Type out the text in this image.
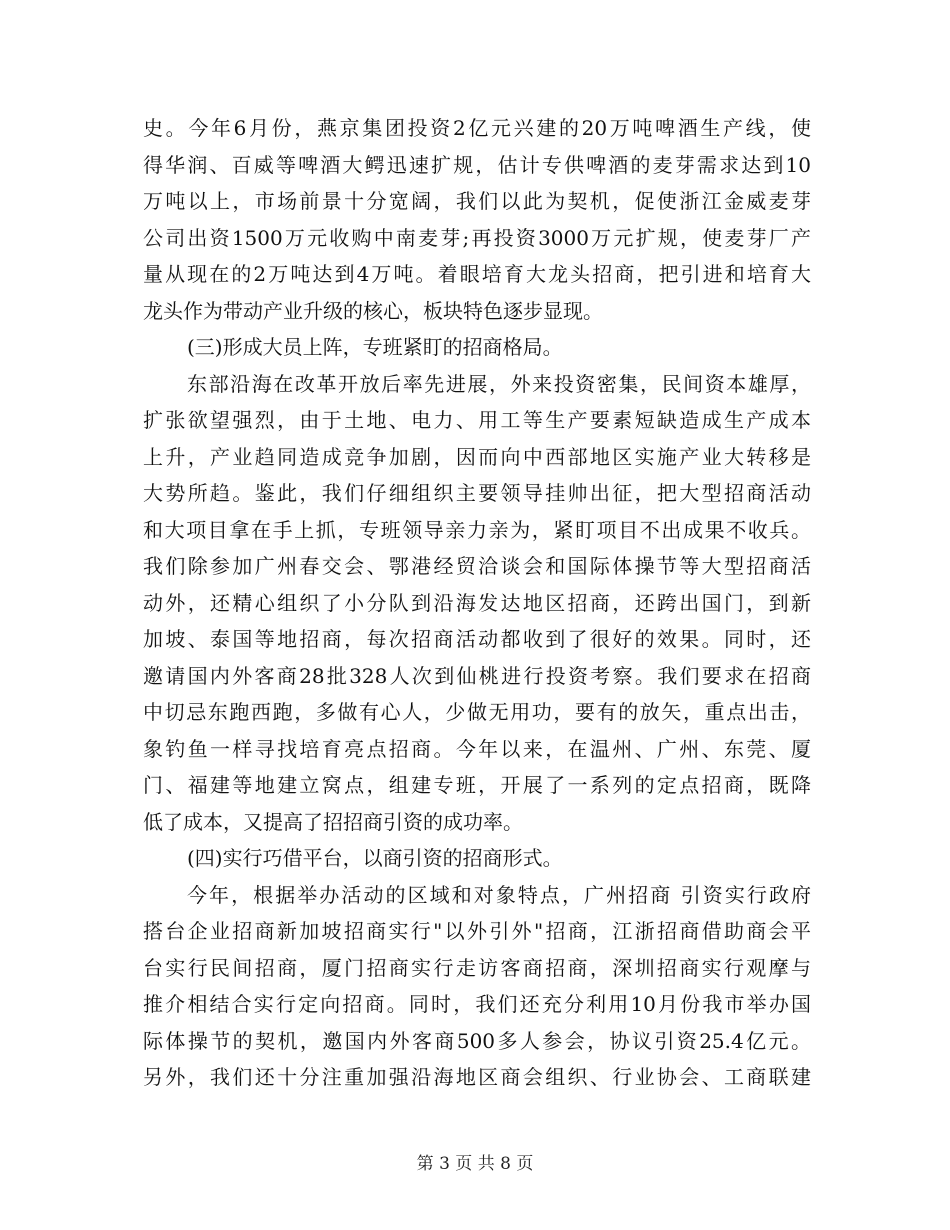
史。今年6月份，燕京集团投资2亿元兴建的20万吨啤酒生产线，使
得华润、百威等啤酒大鳄迅速扩规，估计专供啤酒的麦芽需求达到10
万吨以上，市场前景十分宽阔，我们以此为契机，促使浙江金威麦芽
公司出资1500万元收购中南麦芽;再投资3000万元扩规，使麦芽厂产
量从现在的2万吨达到4万吨。着眼培育大龙头招商，把引进和培育大
龙头作为带动产业升级的核心，板块特色逐步显现。
(三)形成大员上阵，专班紧盯的招商格局。
东部沿海在改革开放后率先进展，外来投资密集，民间资本雄厚，
扩张欲望强烈，由于土地、电力、用工等生产要素短缺造成生产成本
上升，产业趋同造成竞争加剧，因而向中西部地区实施产业大转移是
大势所趋。鉴此，我们仔细组织主要领导挂帅出征，把大型招商活动
和大项目拿在手上抓，专班领导亲力亲为，紧盯项目不出成果不收兵。
我们除参加广州春交会、鄂港经贸洽谈会和国际体操节等大型招商活
动外，还精心组织了小分队到沿海发达地区招商，还跨出国门，到新
加坡、泰国等地招商，每次招商活动都收到了很好的效果。同时，还
邀请国内外客商28批328人次到仙桃进行投资考察。我们要求在招商
中切忌东跑西跑，多做有心人，少做无用功，要有的放矢，重点出击，
象钓鱼一样寻找培育亮点招商。今年以来，在温州、广州、东莞、厦
门、福建等地建立窝点，组建专班，开展了一系列的定点招商，既降
低了成本，又提高了招招商引资的成功率。
(四)实行巧借平台，以商引资的招商形式。
今年，根据举办活动的区域和对象特点，广州招商 引资实行政府
搭台企业招商新加坡招商实行"以外引外"招商，江浙招商借助商会平
台实行民间招商，厦门招商实行走访客商招商，深圳招商实行观摩与
推介相结合实行定向招商。同时，我们还充分利用10月份我市举办国
际体操节的契机，邀国内外客商500多人参会，协议引资25.4亿元。
另外，我们还十分注重加强沿海地区商会组织、行业协会、工商联建
第 3 页 共 8 页
